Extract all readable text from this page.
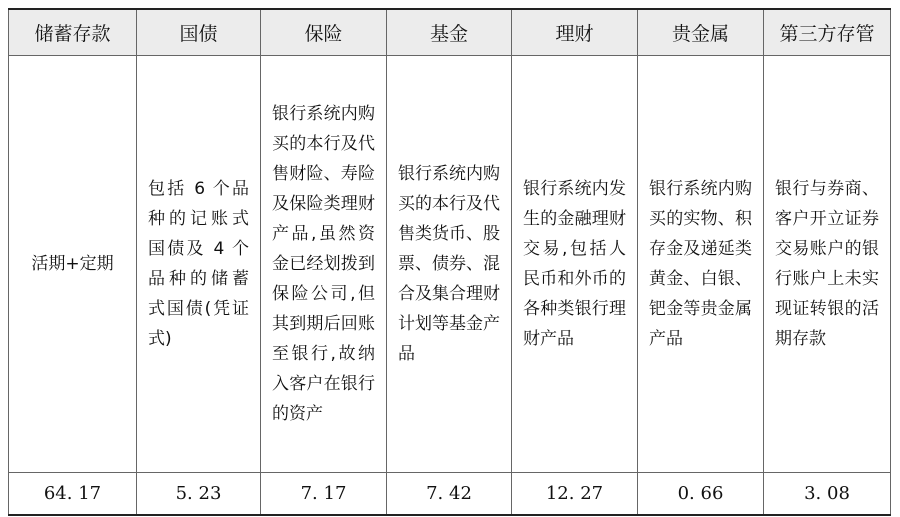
储蓄存款	国债	保险	基金	理财	贵金属	第三方存管
活期+定期	包括 6 个品种的记账式国债及 4 个品种的储蓄式国债(凭证式)	银行系统内购买的本行及代售财险、寿险及保险类理财产品,虽然资金已经划拨到保险公司,但其到期后回账至银行,故纳入客户在银行的资产	银行系统内购买的本行及代售类货币、股票、债券、混合及集合理财计划等基金产品	银行系统内发生的金融理财交易,包括人民币和外币的各种类银行理财产品	银行系统内购买的实物、积存金及递延类黄金、白银、钯金等贵金属产品	银行与券商、客户开立证券交易账户的银行账户上未实现证转银的活期存款
64. 17	5. 23	7. 17	7. 42	12. 27	0. 66	3. 08
